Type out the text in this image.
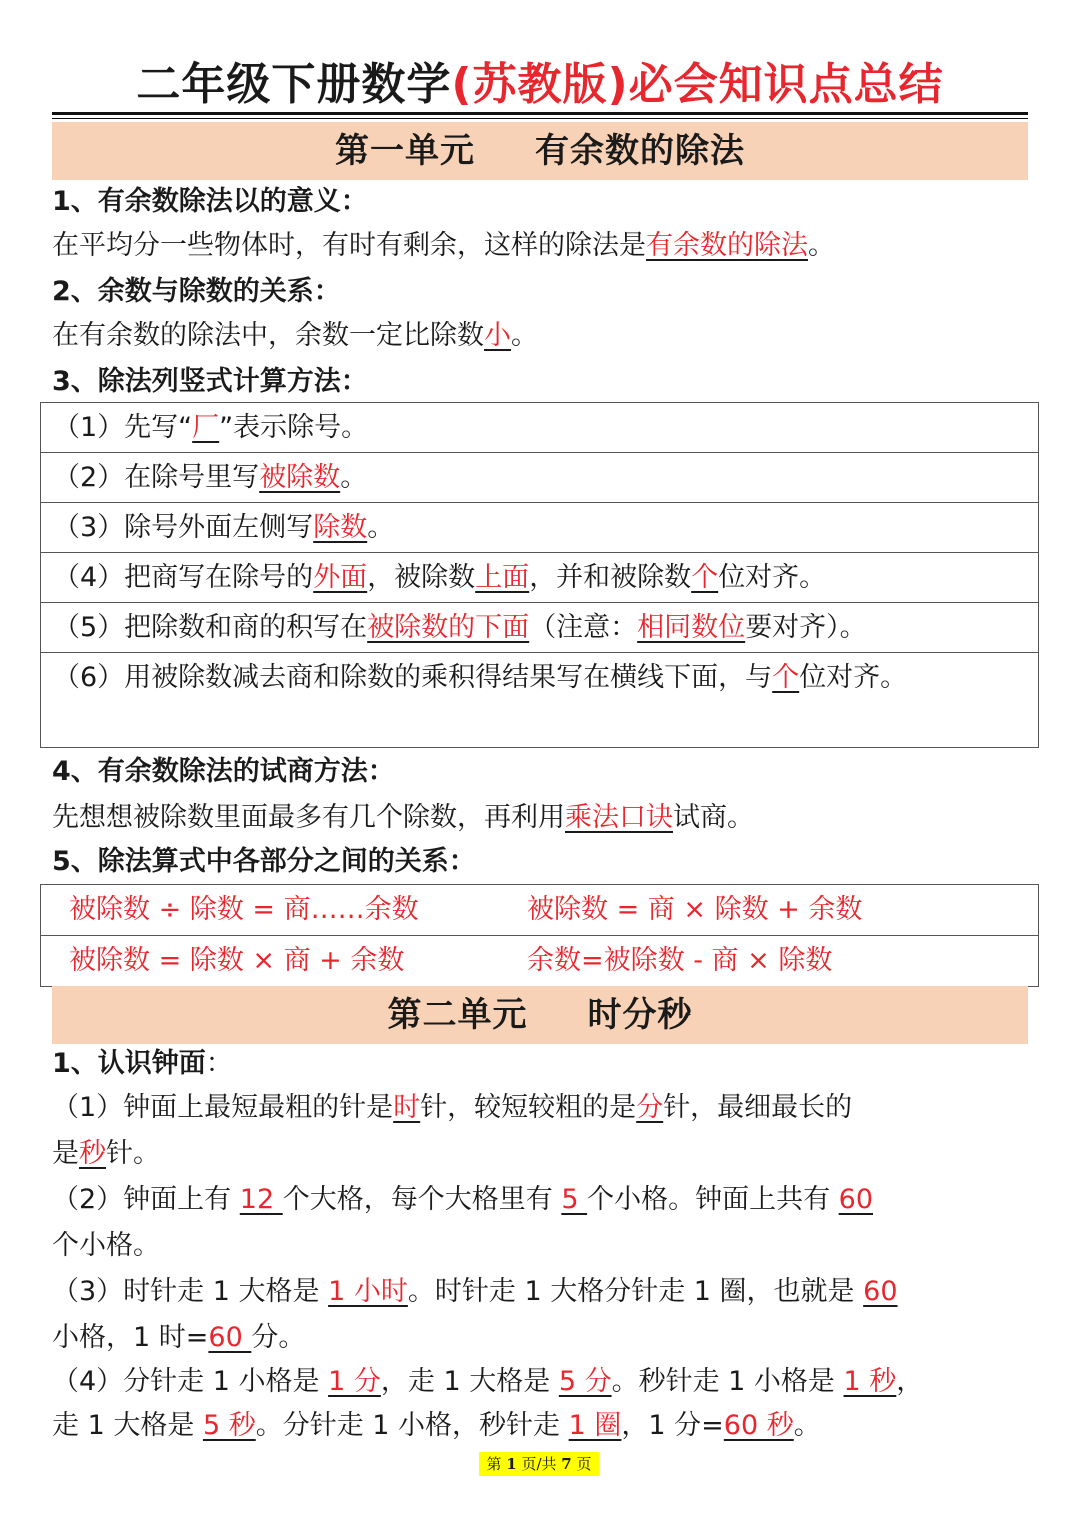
二年级下册数学(苏教版)必会知识点总结
第一单元 有余数的除法
1、有余数除法以的意义：
在平均分一些物体时，有时有剩余，这样的除法是有余数的除法。
2、余数与除数的关系：
在有余数的除法中，余数一定比除数小。
3、除法列竖式计算方法：
（1）先写“厂”表示除号。
（2）在除号里写被除数。
（3）除号外面左侧写除数。
（4）把商写在除号的外面，被除数上面，并和被除数个位对齐。
（5）把除数和商的积写在被除数的下面（注意：相同数位要对齐）。
（6）用被除数减去商和除数的乘积得结果写在横线下面，与个位对齐。
4、有余数除法的试商方法：
先想想被除数里面最多有几个除数，再利用乘法口诀试商。
5、除法算式中各部分之间的关系：
被除数 ÷ 除数 = 商……余数	被除数 = 商 × 除数 + 余数
被除数 = 除数 × 商 + 余数	余数=被除数 - 商 × 除数
第二单元 时分秒
1、认识钟面：
（1）钟面上最短最粗的针是时针，较短较粗的是分针，最细最长的
是秒针。
（2）钟面上有 12 个大格，每个大格里有 5 个小格。钟面上共有 60
个小格。
（3）时针走 1 大格是 1 小时。时针走 1 大格分针走 1 圈，也就是 60
小格，1 时=60 分。
（4）分针走 1 小格是 1 分，走 1 大格是 5 分。秒针走 1 小格是 1 秒，
走 1 大格是 5 秒。分针走 1 小格，秒针走 1 圈，1 分=60 秒。
第 1 页/共 7 页
